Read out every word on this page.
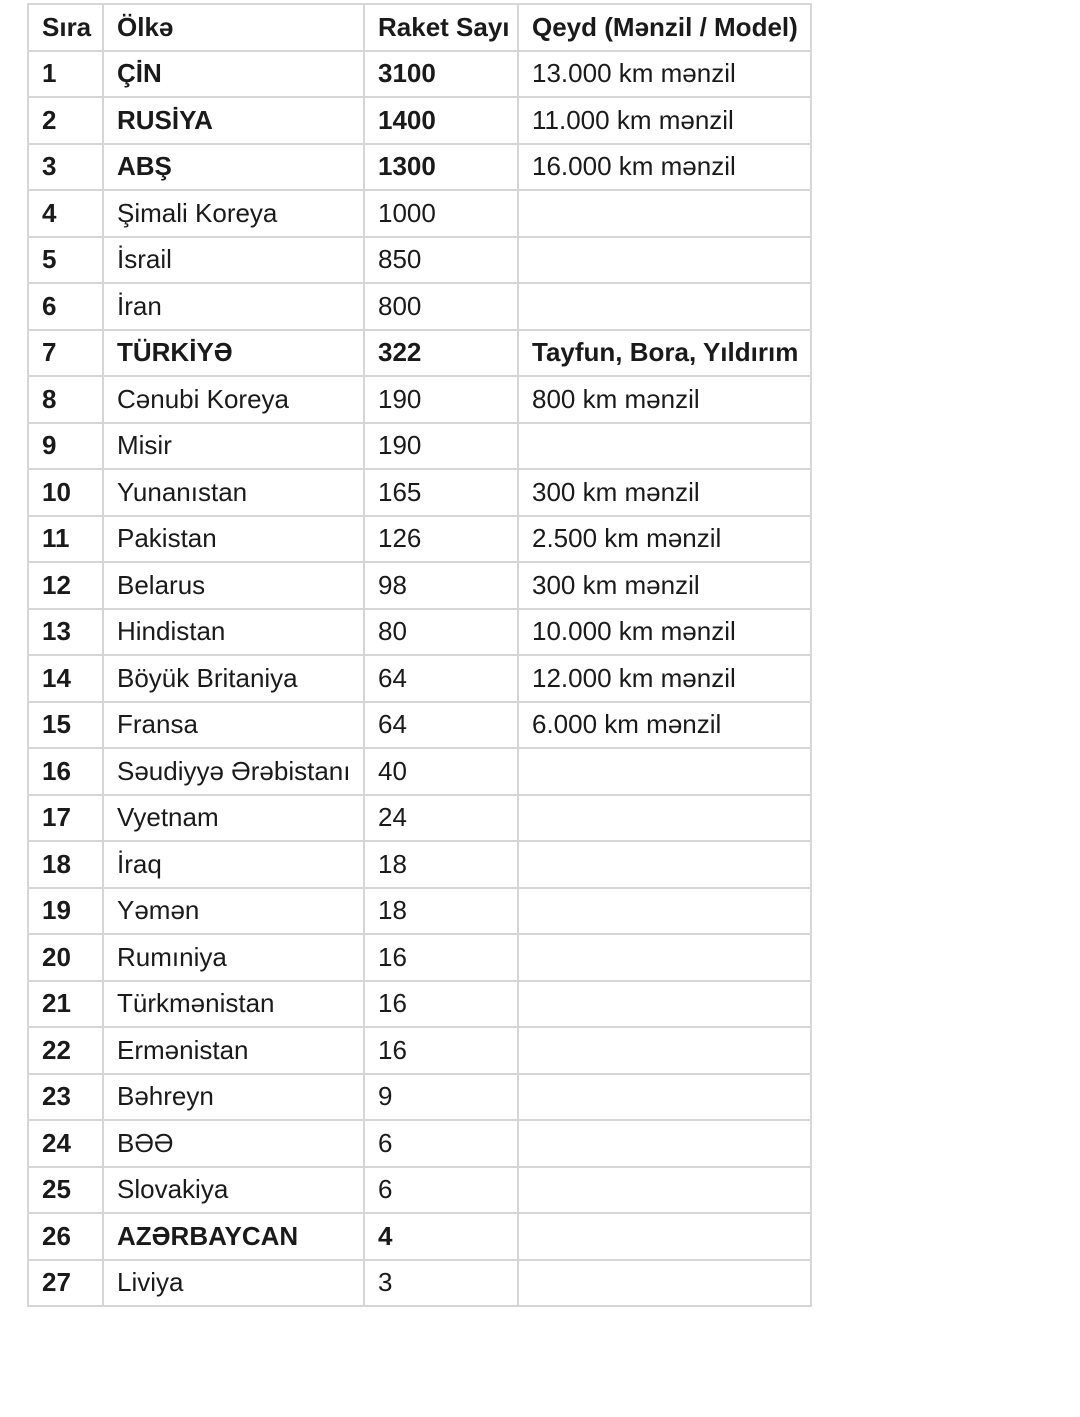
Sıra	Ölkə	Raket Sayı	Qeyd (Mənzil / Model)
1	ÇİN	3100	13.000 km mənzil
2	RUSİYA	1400	11.000 km mənzil
3	ABŞ	1300	16.000 km mənzil
4	Şimali Koreya	1000	
5	İsrail	850	
6	İran	800	
7	TÜRKİYƏ	322	Tayfun, Bora, Yıldırım
8	Cənubi Koreya	190	800 km mənzil
9	Misir	190	
10	Yunanıstan	165	300 km mənzil
11	Pakistan	126	2.500 km mənzil
12	Belarus	98	300 km mənzil
13	Hindistan	80	10.000 km mənzil
14	Böyük Britaniya	64	12.000 km mənzil
15	Fransa	64	6.000 km mənzil
16	Səudiyyə Ərəbistanı	40	
17	Vyetnam	24	
18	İraq	18	
19	Yəmən	18	
20	Rumıniya	16	
21	Türkmənistan	16	
22	Ermənistan	16	
23	Bəhreyn	9	
24	BƏƏ	6	
25	Slovakiya	6	
26	AZƏRBAYCAN	4	
27	Liviya	3	
